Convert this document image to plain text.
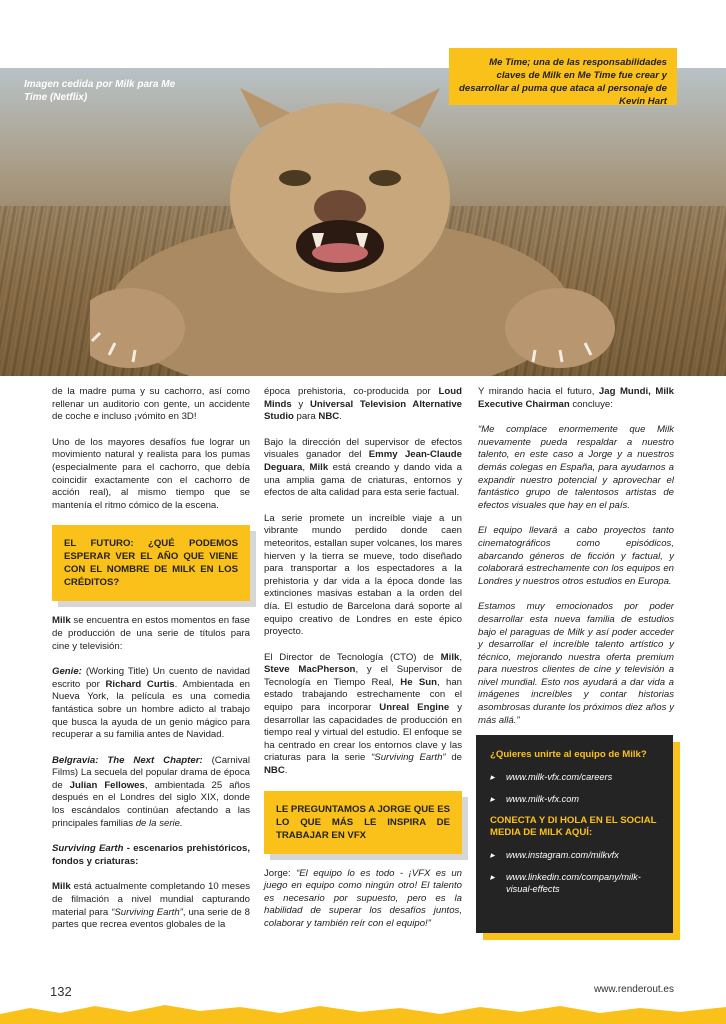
Imagen cedida por Milk para Me Time (Netflix)
Me Time; una de las responsabilidades claves de Milk en Me Time fue crear y desarrollar al puma que ataca al personaje de Kevin Hart

de la madre puma y su cachorro, así como rellenar un auditorio con gente, un accidente de coche e incluso ¡vómito en 3D!

Uno de los mayores desafíos fue lograr un movimiento natural y realista para los pumas (especialmente para el cachorro, que debía coincidir exactamente con el cachorro de acción real), al mismo tiempo que se mantenía el ritmo cómico de la escena.

EL FUTURO: ¿QUÉ PODEMOS ESPERAR VER EL AÑO QUE VIENE CON EL NOMBRE DE MILK EN LOS CRÉDITOS?

Milk se encuentra en estos momentos en fase de producción de una serie de títulos para cine y televisión:

Genie: (Working Title) Un cuento de navidad escrito por Richard Curtis. Ambientada en Nueva York, la película es una comedia fantástica sobre un hombre adicto al trabajo que busca la ayuda de un genio mágico para recuperar a su familia antes de Navidad.

Belgravia: The Next Chapter: (Carnival Films) La secuela del popular drama de época de Julian Fellowes, ambientada 25 años después en el Londres del siglo XIX, donde los escándalos continúan afectando a las principales familias de la serie.

Surviving Earth - escenarios prehistóricos, fondos y criaturas:

Milk está actualmente completando 10 meses de filmación a nivel mundial capturando material para “Surviving Earth”, una serie de 8 partes que recrea eventos globales de la

época prehistoria, co-producida por Loud Minds y Universal Television Alternative Studio para NBC.

Bajo la dirección del supervisor de efectos visuales ganador del Emmy Jean-Claude Deguara, Milk está creando y dando vida a una amplia gama de criaturas, entornos y efectos de alta calidad para esta serie factual.

La serie promete un increíble viaje a un vibrante mundo perdido donde caen meteoritos, estallan super volcanes, los mares hierven y la tierra se mueve, todo diseñado para transportar a los espectadores a la prehistoria y dar vida a la época donde las extinciones masivas estaban a la orden del día. El estudio de Barcelona dará soporte al equipo creativo de Londres en este épico proyecto.

El Director de Tecnología (CTO) de Milk, Steve MacPherson, y el Supervisor de Tecnología en Tiempo Real, He Sun, han estado trabajando estrechamente con el equipo para incorporar Unreal Engine y desarrollar las capacidades de producción en tiempo real y virtual del estudio. El enfoque se ha centrado en crear los entornos clave y las criaturas para la serie “Surviving Earth” de NBC.

LE PREGUNTAMOS A JORGE QUE ES LO QUE MÁS LE INSPIRA DE TRABAJAR EN VFX

Jorge: “El equipo lo es todo - ¡VFX es un juego en equipo como ningún otro! El talento es necesario por supuesto, pero es la habilidad de superar los desafíos juntos, colaborar y también reír con el equipo!”

Y mirando hacia el futuro, Jag Mundi, Milk Executive Chairman concluye:

“Me complace enormemente que Milk nuevamente pueda respaldar a nuestro talento, en este caso a Jorge y a nuestros demás colegas en España, para ayudarnos a expandir nuestro potencial y aprovechar el fantástico grupo de talentosos artistas de efectos visuales que hay en el país.

El equipo llevará a cabo proyectos tanto cinematográficos como episódicos, abarcando géneros de ficción y factual, y colaborará estrechamente con los equipos en Londres y nuestros otros estudios en Europa.

Estamos muy emocionados por poder desarrollar esta nueva familia de estudios bajo el paraguas de Milk y así poder acceder y desarrollar el increíble talento artístico y técnico, mejorando nuestra oferta premium para nuestros clientes de cine y televisión a nivel mundial. Esto nos ayudará a dar vida a imágenes increíbles y contar historias asombrosas durante los próximos diez años y más allá.”

¿Quieres unirte al equipo de Milk?
▸ www.milk-vfx.com/careers
▸ www.milk-vfx.com
CONECTA Y DI HOLA EN EL SOCIAL MEDIA DE MILK AQUÍ:
▸ www.instagram.com/milkvfx
▸ www.linkedin.com/company/milk-visual-effects
132	www.renderout.es
